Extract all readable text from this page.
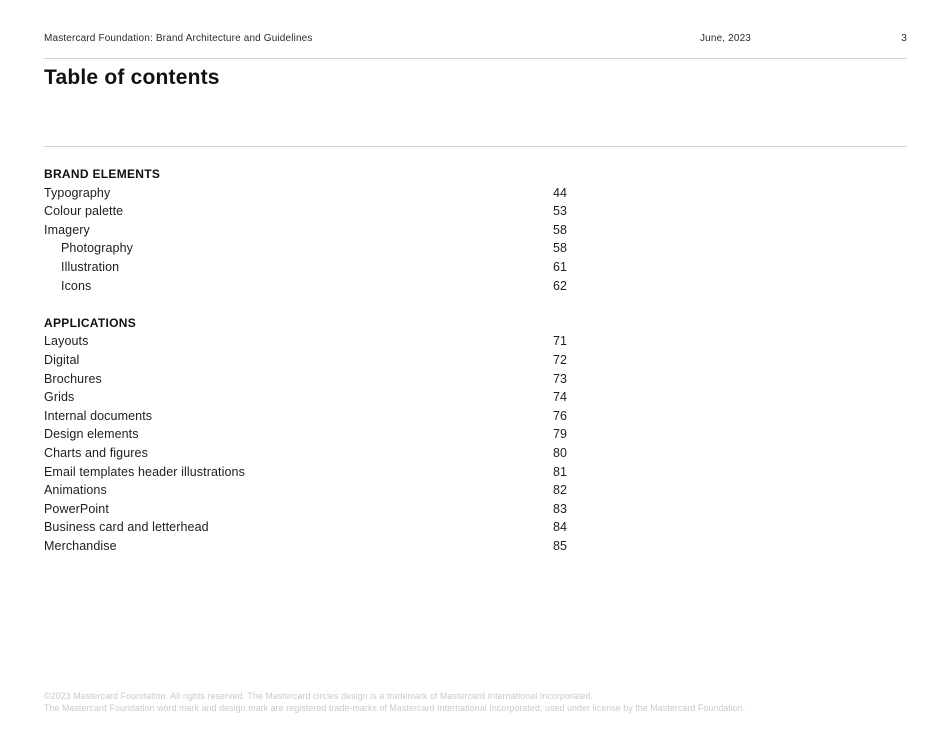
Mastercard Foundation: Brand Architecture and Guidelines	June, 2023	3
Table of contents
BRAND ELEMENTS
Typography	44
Colour palette	53
Imagery	58
Photography	58
Illustration	61
Icons	62
APPLICATIONS
Layouts	71
Digital	72
Brochures	73
Grids	74
Internal documents	76
Design elements	79
Charts and figures	80
Email templates header illustrations	81
Animations	82
PowerPoint	83
Business card and letterhead	84
Merchandise	85
©2023 Mastercard Foundation. All rights reserved. The Mastercard circles design is a trademark of Mastercard International Incorporated.
The Mastercard Foundation word mark and design mark are registered trade-marks of Mastercard International Incorporated, used under license by the Mastercard Foundation.
